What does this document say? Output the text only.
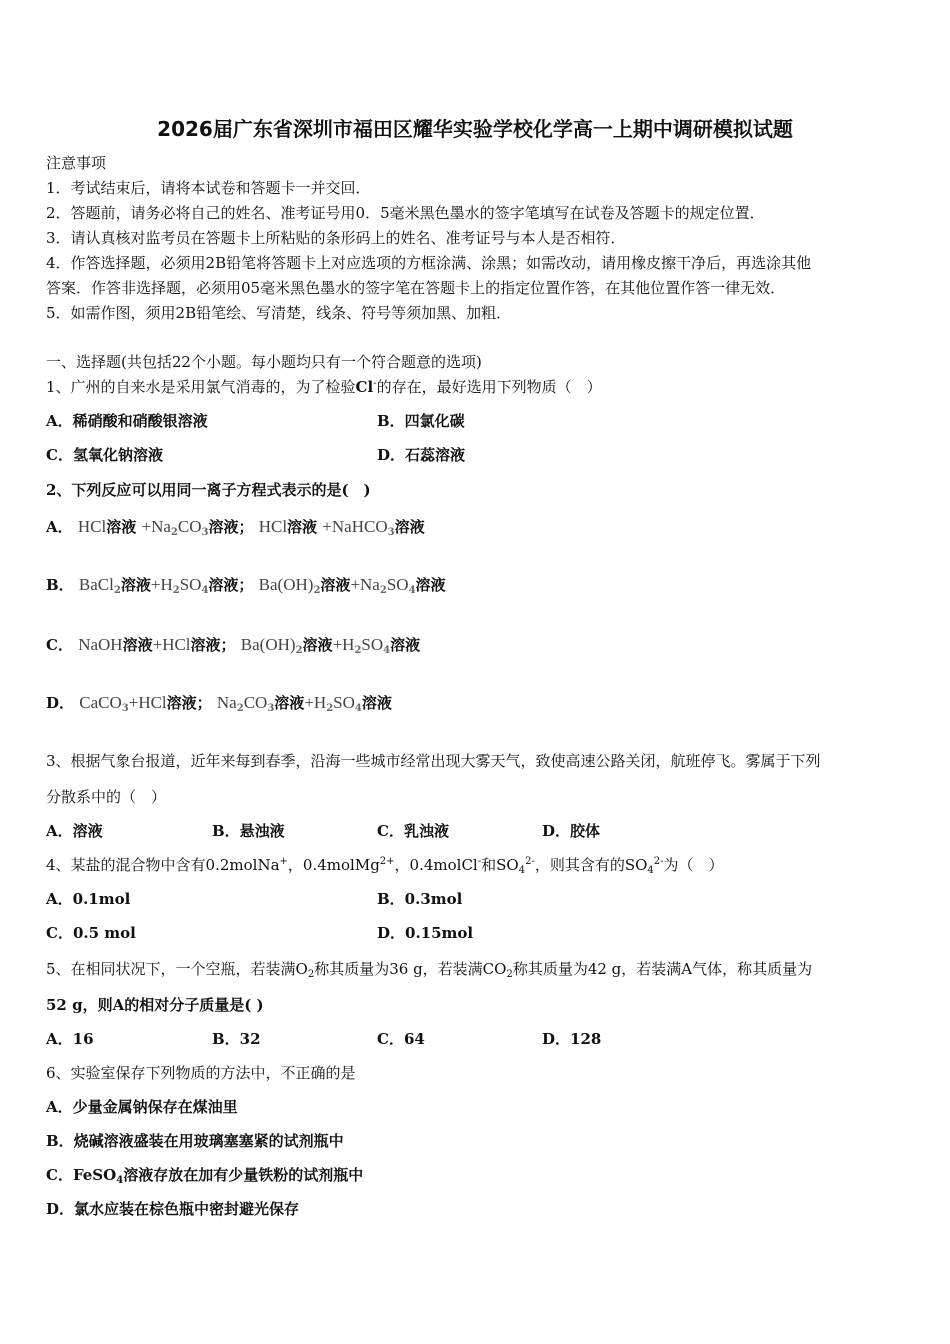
2026届广东省深圳市福田区耀华实验学校化学高一上期中调研模拟试题
注意事项
1．考试结束后，请将本试卷和答题卡一并交回．
2．答题前，请务必将自己的姓名、准考证号用0．5毫米黑色墨水的签字笔填写在试卷及答题卡的规定位置．
3．请认真核对监考员在答题卡上所粘贴的条形码上的姓名、准考证号与本人是否相符．
4．作答选择题，必须用2B铅笔将答题卡上对应选项的方框涂满、涂黑；如需改动，请用橡皮擦干净后，再选涂其他
答案．作答非选择题，必须用05毫米黑色墨水的签字笔在答题卡上的指定位置作答，在其他位置作答一律无效．
5．如需作图，须用2B铅笔绘、写清楚，线条、符号等须加黑、加粗．
一、选择题(共包括22个小题。每小题均只有一个符合题意的选项)
1、广州的自来水是采用氯气消毒的，为了检验Cl-的存在，最好选用下列物质（　）
A．稀硝酸和硝酸银溶液	B．四氯化碳
C．氢氧化钠溶液	D．石蕊溶液
2、下列反应可以用同一离子方程式表示的是(　)
A． HCl溶液 $+Na_2CO_3$溶液； HCl溶液 +NaHCO$_3$溶液
B． BaCl$_2$溶液$+H_2SO_4$溶液； $Ba(OH)_2$溶液$+Na_2SO_4$溶液
C． NaOH溶液+HCl溶液； $Ba(OH)_2$溶液$+H_2SO_4$溶液
D． CaCO$_3$+HCl溶液； $Na_2CO_3$溶液$+H_2SO_4$溶液
3、根据气象台报道，近年来每到春季，沿海一些城市经常出现大雾天气，致使高速公路关闭，航班停飞。雾属于下列
分散系中的（　）
A．溶液	B．悬浊液	C．乳浊液	D．胶体
4、某盐的混合物中含有0.2molNa+，0.4molMg$^{2+}$，0.4molCl-和$SO_4^{2-}$，则其含有的$SO_4^{2-}$为（　）
A．0.1mol	B．0.3mol
C．0.5 mol	D．0.15mol
5、在相同状况下，一个空瓶，若装满$O_2$称其质量为36 g，若装满$CO_2$称其质量为42 g，若装满A气体，称其质量为
52 g，则A的相对分子质量是( )
A．16	B．32	C．64	D．128
6、实验室保存下列物质的方法中，不正确的是
A．少量金属钠保存在煤油里
B．烧碱溶液盛装在用玻璃塞塞紧的试剂瓶中
C．FeSO$_4$溶液存放在加有少量铁粉的试剂瓶中
D．氯水应装在棕色瓶中密封避光保存
